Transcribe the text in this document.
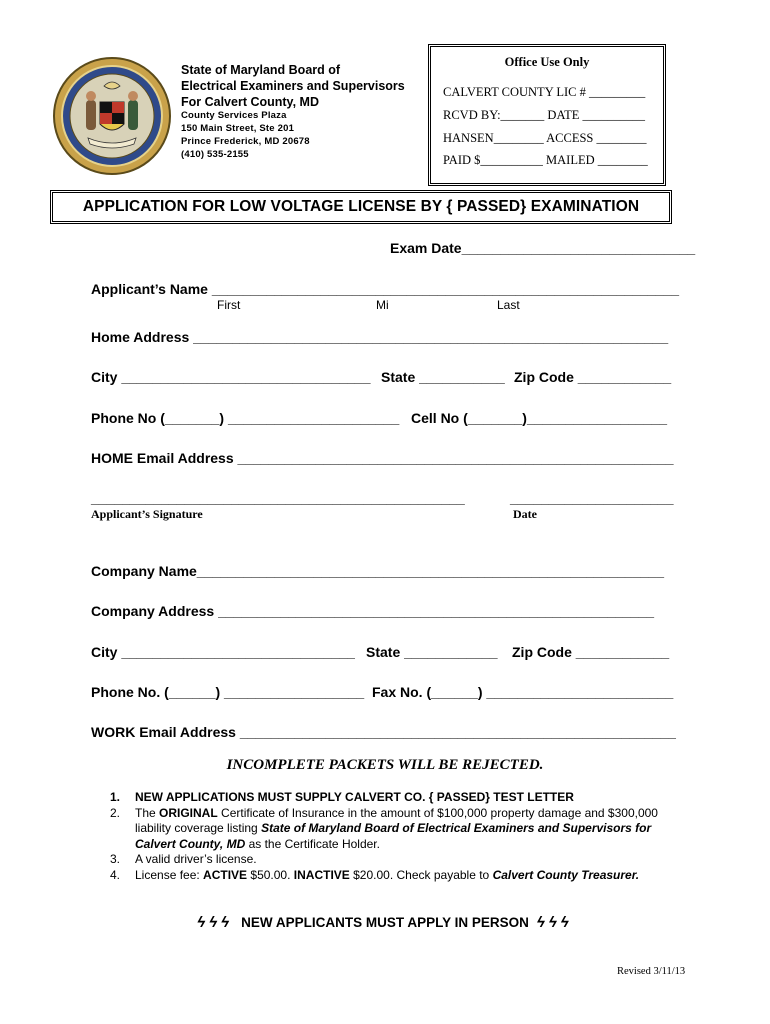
State of Maryland Board of
Electrical Examiners and Supervisors
For Calvert County, MD
County Services Plaza
150 Main Street, Ste 201
Prince Frederick, MD 20678
(410) 535-2155
Office Use Only
CALVERT COUNTY LIC # _________
RCVD BY:_______ DATE __________
HANSEN________ ACCESS ________
PAID $__________ MAILED ________
APPLICATION FOR LOW VOLTAGE LICENSE BY { PASSED} EXAMINATION
Exam Date______________________________
Applicant’s Name ____________________________________________________________
First	Mi	Last
Home Address _____________________________________________________________
City ________________________________ State ___________ Zip Code ____________
Phone No (_______) ______________________ Cell No (_______)__________________
HOME Email Address ________________________________________________________
________________________________________________	_____________________
Applicant’s Signature	Date
Company Name____________________________________________________________
Company Address ________________________________________________________
City ______________________________ State ____________ Zip Code ____________
Phone No. (______) __________________ Fax No. (______) ________________________
WORK Email Address ________________________________________________________
INCOMPLETE PACKETS WILL BE REJECTED.
1. NEW APPLICATIONS MUST SUPPLY CALVERT CO. { PASSED} TEST LETTER
2. The ORIGINAL Certificate of Insurance in the amount of $100,000 property damage and $300,000 liability coverage listing State of Maryland Board of Electrical Examiners and Supervisors for Calvert County, MD as the Certificate Holder.
3. A valid driver’s license.
4. License fee: ACTIVE $50.00. INACTIVE $20.00. Check payable to Calvert County Treasurer.
ϟϟϟ NEW APPLICANTS MUST APPLY IN PERSON ϟϟϟ
Revised 3/11/13
